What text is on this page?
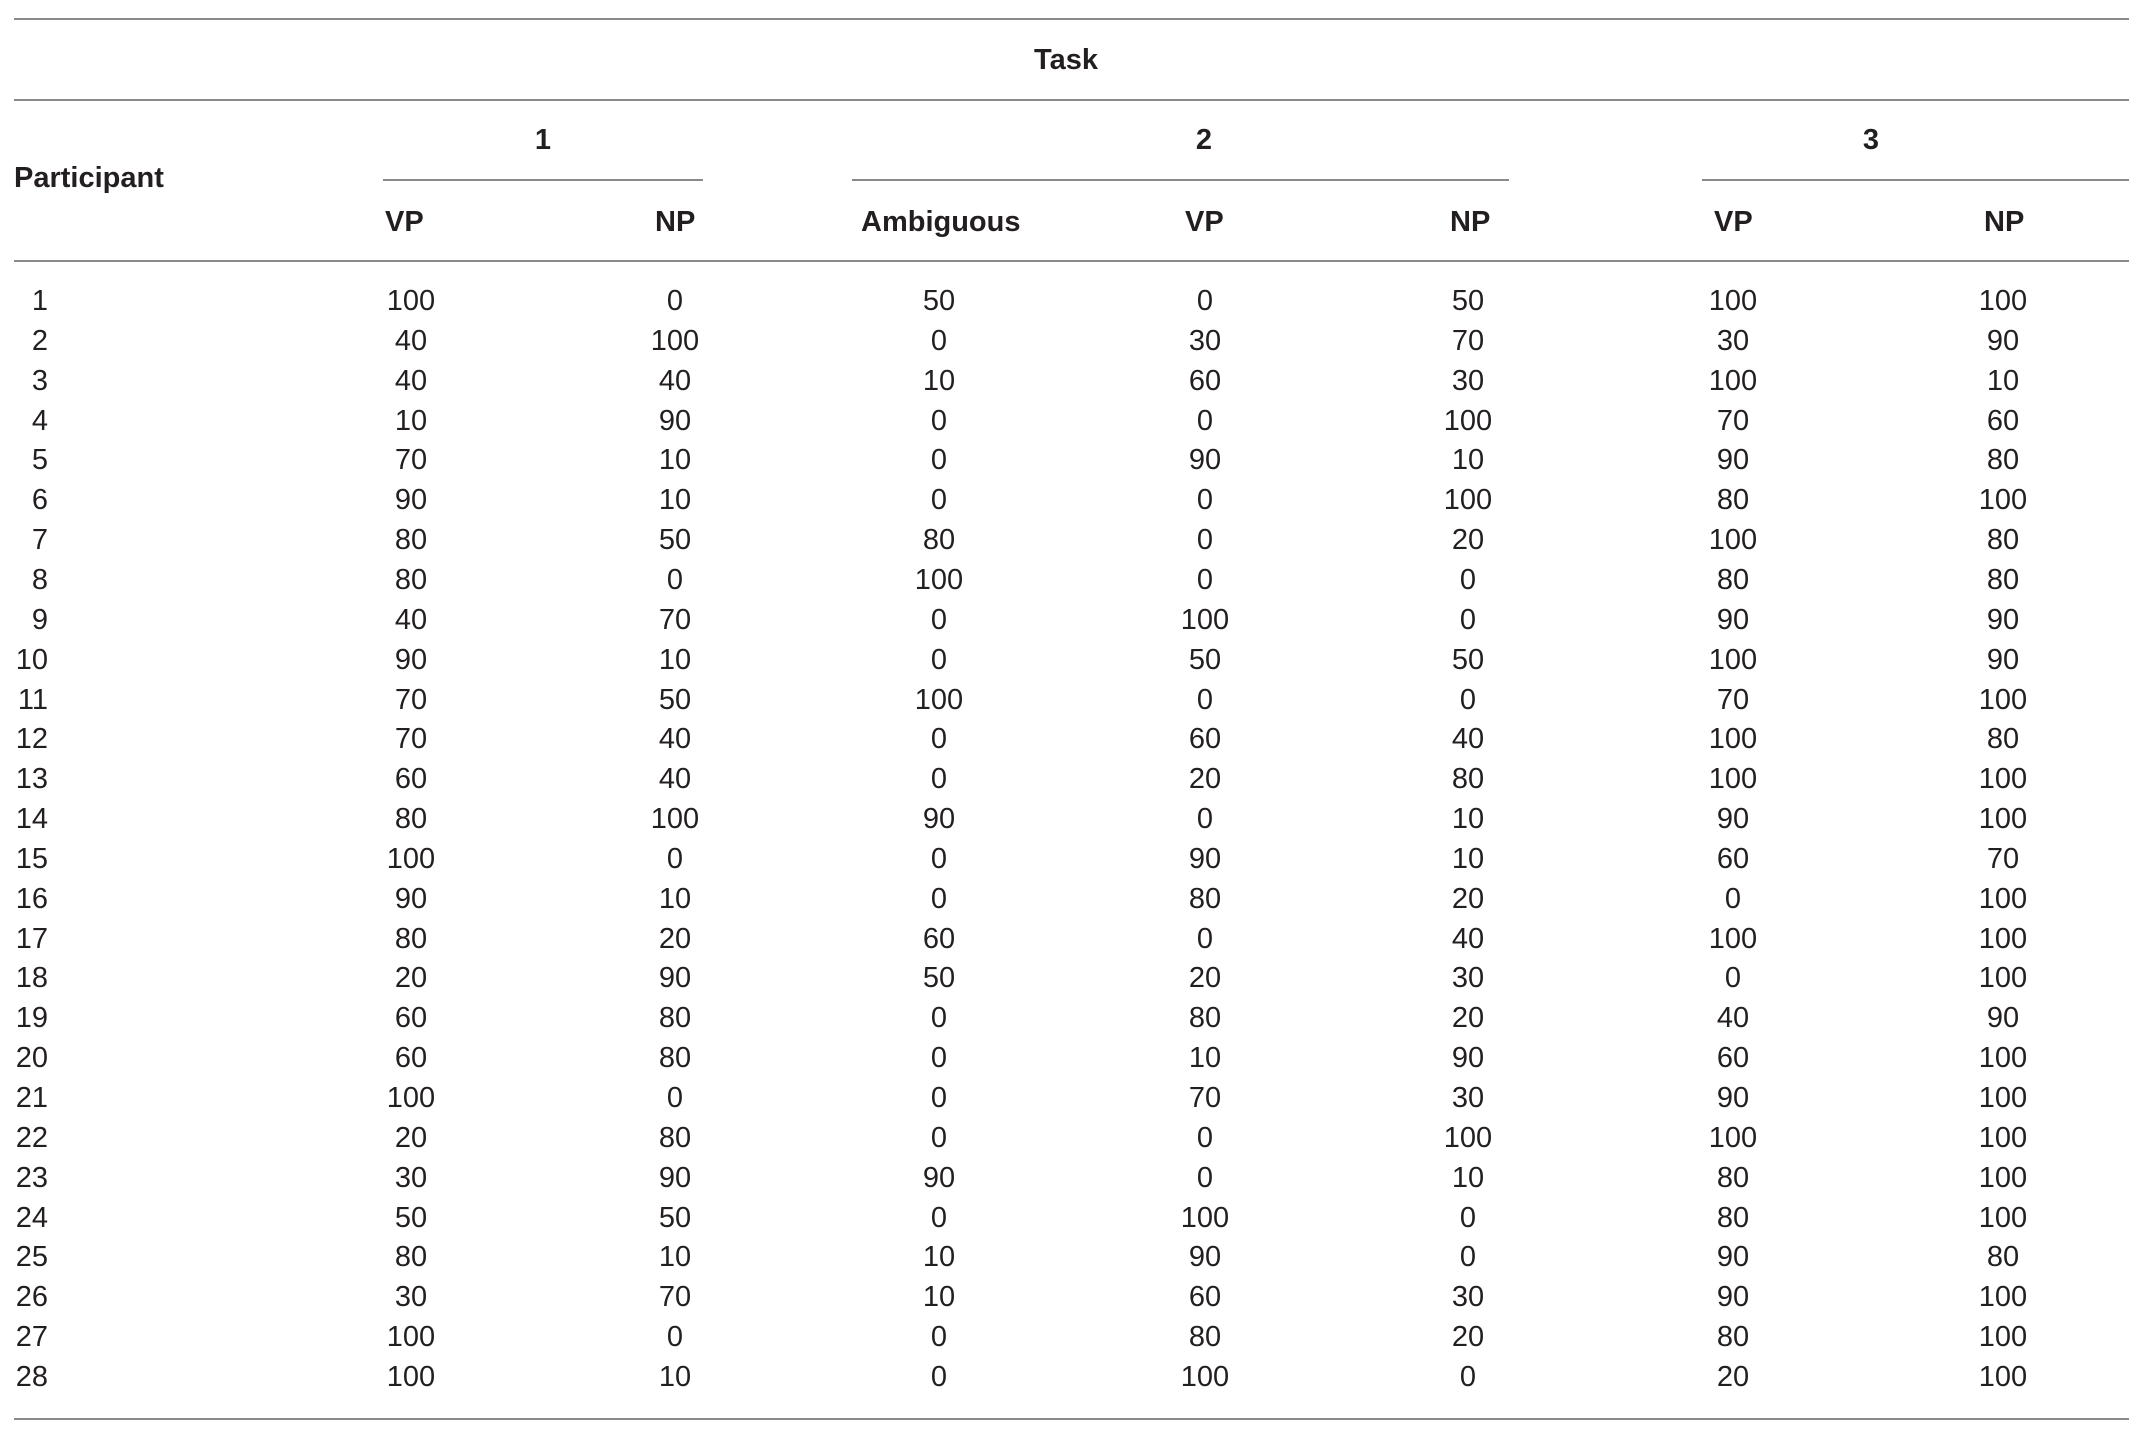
Task
Participant
1	2	3
VP	NP	Ambiguous	VP	NP	VP	NP
1	100	0	50	0	50	100	100
2	40	100	0	30	70	30	90
3	40	40	10	60	30	100	10
4	10	90	0	0	100	70	60
5	70	10	0	90	10	90	80
6	90	10	0	0	100	80	100
7	80	50	80	0	20	100	80
8	80	0	100	0	0	80	80
9	40	70	0	100	0	90	90
10	90	10	0	50	50	100	90
11	70	50	100	0	0	70	100
12	70	40	0	60	40	100	80
13	60	40	0	20	80	100	100
14	80	100	90	0	10	90	100
15	100	0	0	90	10	60	70
16	90	10	0	80	20	0	100
17	80	20	60	0	40	100	100
18	20	90	50	20	30	0	100
19	60	80	0	80	20	40	90
20	60	80	0	10	90	60	100
21	100	0	0	70	30	90	100
22	20	80	0	0	100	100	100
23	30	90	90	0	10	80	100
24	50	50	0	100	0	80	100
25	80	10	10	90	0	90	80
26	30	70	10	60	30	90	100
27	100	0	0	80	20	80	100
28	100	10	0	100	0	20	100
